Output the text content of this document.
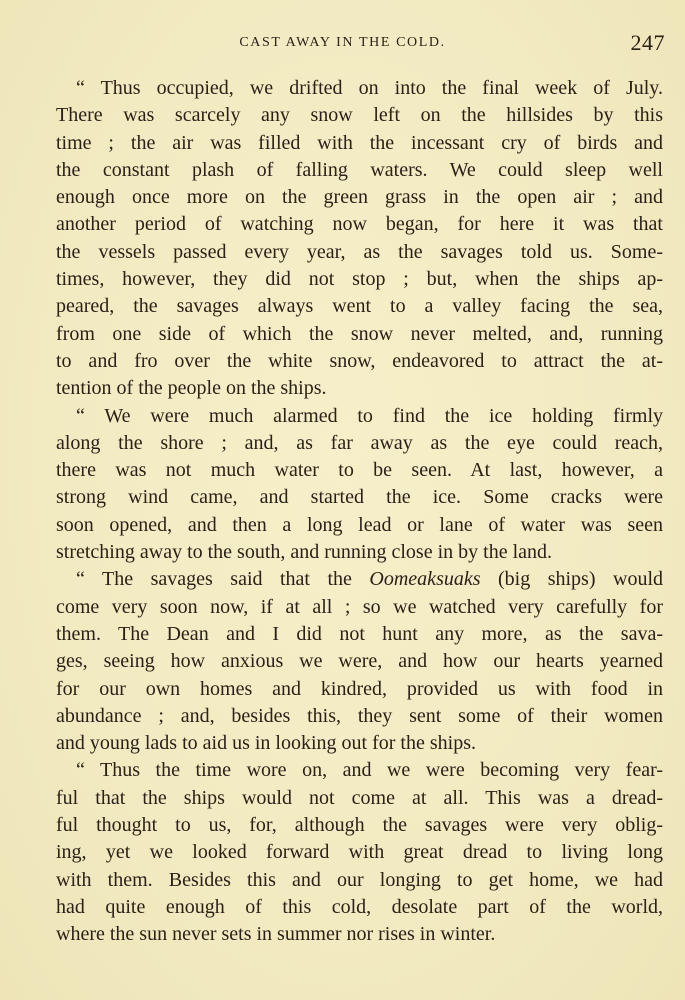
CAST AWAY IN THE COLD.	247
“ Thus occupied, we drifted on into the final week of July.
There was scarcely any snow left on the hillsides by this
time ; the air was filled with the incessant cry of birds and
the constant plash of falling waters. We could sleep well
enough once more on the green grass in the open air ; and
another period of watching now began, for here it was that
the vessels passed every year, as the savages told us. Some-
times, however, they did not stop ; but, when the ships ap-
peared, the savages always went to a valley facing the sea,
from one side of which the snow never melted, and, running
to and fro over the white snow, endeavored to attract the at-
tention of the people on the ships.
“ We were much alarmed to find the ice holding firmly
along the shore ; and, as far away as the eye could reach,
there was not much water to be seen. At last, however, a
strong wind came, and started the ice. Some cracks were
soon opened, and then a long lead or lane of water was seen
stretching away to the south, and running close in by the land.
“ The savages said that the Oomeaksuaks (big ships) would
come very soon now, if at all ; so we watched very carefully for
them. The Dean and I did not hunt any more, as the sava-
ges, seeing how anxious we were, and how our hearts yearned
for our own homes and kindred, provided us with food in
abundance ; and, besides this, they sent some of their women
and young lads to aid us in looking out for the ships.
“ Thus the time wore on, and we were becoming very fear-
ful that the ships would not come at all. This was a dread-
ful thought to us, for, although the savages were very oblig-
ing, yet we looked forward with great dread to living long
with them. Besides this and our longing to get home, we had
had quite enough of this cold, desolate part of the world,
where the sun never sets in summer nor rises in winter.
